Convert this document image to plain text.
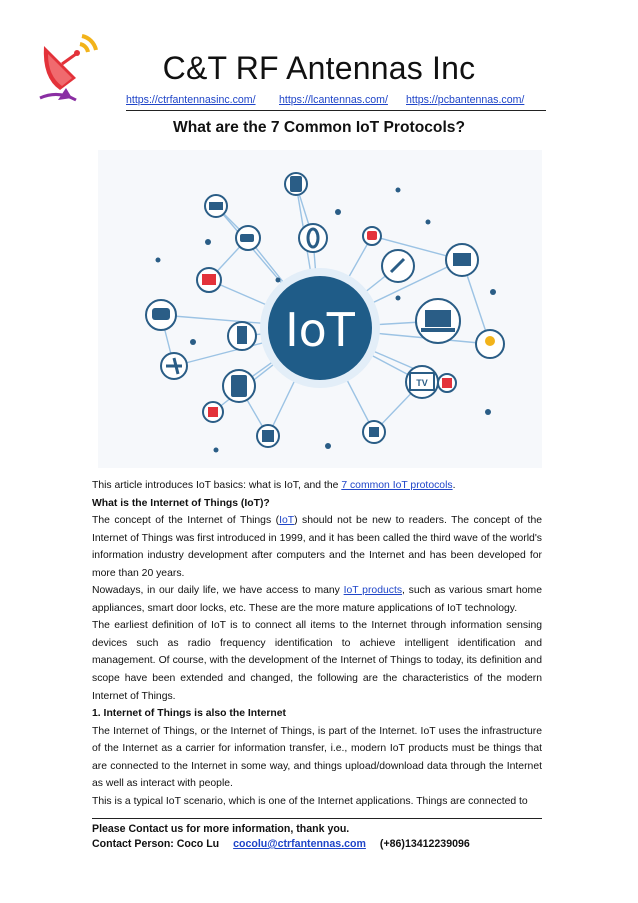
C&T RF Antennas Inc
https://ctrfantennasinc.com/ https://lcantennas.com/ https://pcbantennas.com/
What are the 7 Common IoT Protocols?
TV
IoT

This article introduces IoT basics: what is IoT, and the 7 common IoT protocols.

What is the Internet of Things (IoT)?

The concept of the Internet of Things (IoT) should not be new to readers. The concept of the Internet of Things was first introduced in 1999, and it has been called the third wave of the world's information industry development after computers and the Internet and has been developed for more than 20 years.

Nowadays, in our daily life, we have access to many IoT products, such as various smart home appliances, smart door locks, etc. These are the more mature applications of IoT technology.

The earliest definition of IoT is to connect all items to the Internet through information sensing devices such as radio frequency identification to achieve intelligent identification and management. Of course, with the development of the Internet of Things to today, its definition and scope have been extended and changed, the following are the characteristics of the modern Internet of Things.

1. Internet of Things is also the Internet

The Internet of Things, or the Internet of Things, is part of the Internet. IoT uses the infrastructure of the Internet as a carrier for information transfer, i.e., modern IoT products must be things that are connected to the Internet in some way, and things upload/download data through the Internet as well as interact with people.

This is a typical IoT scenario, which is one of the Internet applications. Things are connected to

Please Contact us for more information, thank you.
Contact Person: Coco Lu cocolu@ctrfantennas.com (+86)13412239096
